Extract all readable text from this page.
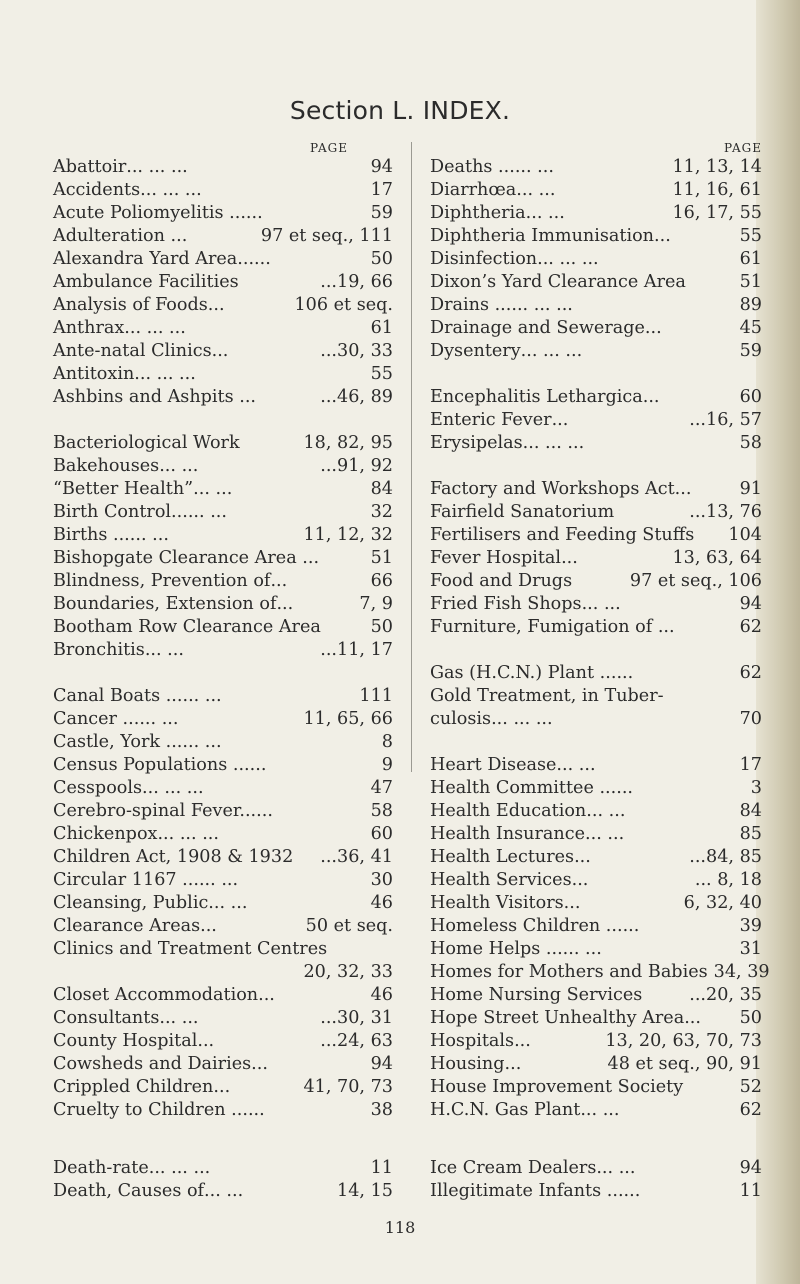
Section L. INDEX.
PAGE
Abattoir ... ... ...	94
Accidents ... ... ...	17
Acute Poliomyelitis ... ...	59
Adulteration ...	97 et seq., 111
Alexandra Yard Area... ...	50
Ambulance Facilities	...19, 66
Analysis of Foods ...	106 et seq.
Anthrax ... ... ...	61
Ante-natal Clinics ...	...30, 33
Antitoxin ... ... ...	55
Ashbins and Ashpits ...	...46, 89
Bacteriological Work	18, 82, 95
Bakehouses ... ...	...91, 92
“Better Health” ... ...	84
Birth Control... ... ...	32
Births ... ... ...	11, 12, 32
Bishopgate Clearance Area ...	51
Blindness, Prevention of ...	66
Boundaries, Extension of ...	7, 9
Bootham Row Clearance Area	50
Bronchitis ... ...	...11, 17
Canal Boats ... ... ...	111
Cancer ... ... ...	11, 65, 66
Castle, York ... ... ...	8
Census Populations ... ...	9
Cesspools ... ... ...	47
Cerebro-spinal Fever... ...	58
Chickenpox ... ... ...	60
Children Act, 1908 & 1932 ...36, 41
Circular 1167 ... ... ...	30
Cleansing, Public ... ...	46
Clearance Areas ...	50 et seq.
Clinics and Treatment Centres
20, 32, 33
Closet Accommodation ...	46
Consultants ... ...	...30, 31
County Hospital ...	...24, 63
Cowsheds and Dairies ...	94
Crippled Children ...	41, 70, 73
Cruelty to Children ... ...	38
Death-rate ... ... ...	11
Death, Causes of ... ...	14, 15
PAGE
Deaths ... ... ...	11, 13, 14
Diarrhœa ... ...	11, 16, 61
Diphtheria ... ...	16, 17, 55
Diphtheria Immunisation ...	55
Disinfection ... ... ...	61
Dixon’s Yard Clearance Area	51
Drains ... ... ... ...	89
Drainage and Sewerage ...	45
Dysentery ... ... ...	59
Encephalitis Lethargica ...	60
Enteric Fever ...	...16, 57
Erysipelas ... ... ...	58
Factory and Workshops Act...	91
Fairfield Sanatorium	...13, 76
Fertilisers and Feeding Stuffs 104
Fever Hospital ...	13, 63, 64
Food and Drugs	97 et seq., 106
Fried Fish Shops ... ...	94
Furniture, Fumigation of ...	62
Gas (H.C.N.) Plant ... ...	62
Gold Treatment, in Tuber-
culosis ... ... ...	70
Heart Disease ... ...	17
Health Committee ... ...	3
Health Education ... ...	84
Health Insurance ... ...	85
Health Lectures ...	...84, 85
Health Services ...	... 8, 18
Health Visitors ...	6, 32, 40
Homeless Children ... ...	39
Home Helps ... ... ...	31
Homes for Mothers and Babies 34, 39
Home Nursing Services	...20, 35
Hope Street Unhealthy Area... 50
Hospitals ...	13, 20, 63, 70, 73
Housing ...	48 et seq., 90, 91
House Improvement Society	52
H.C.N. Gas Plant ... ...	62
Ice Cream Dealers ... ...	94
Illegitimate Infants ... ...	11
118
